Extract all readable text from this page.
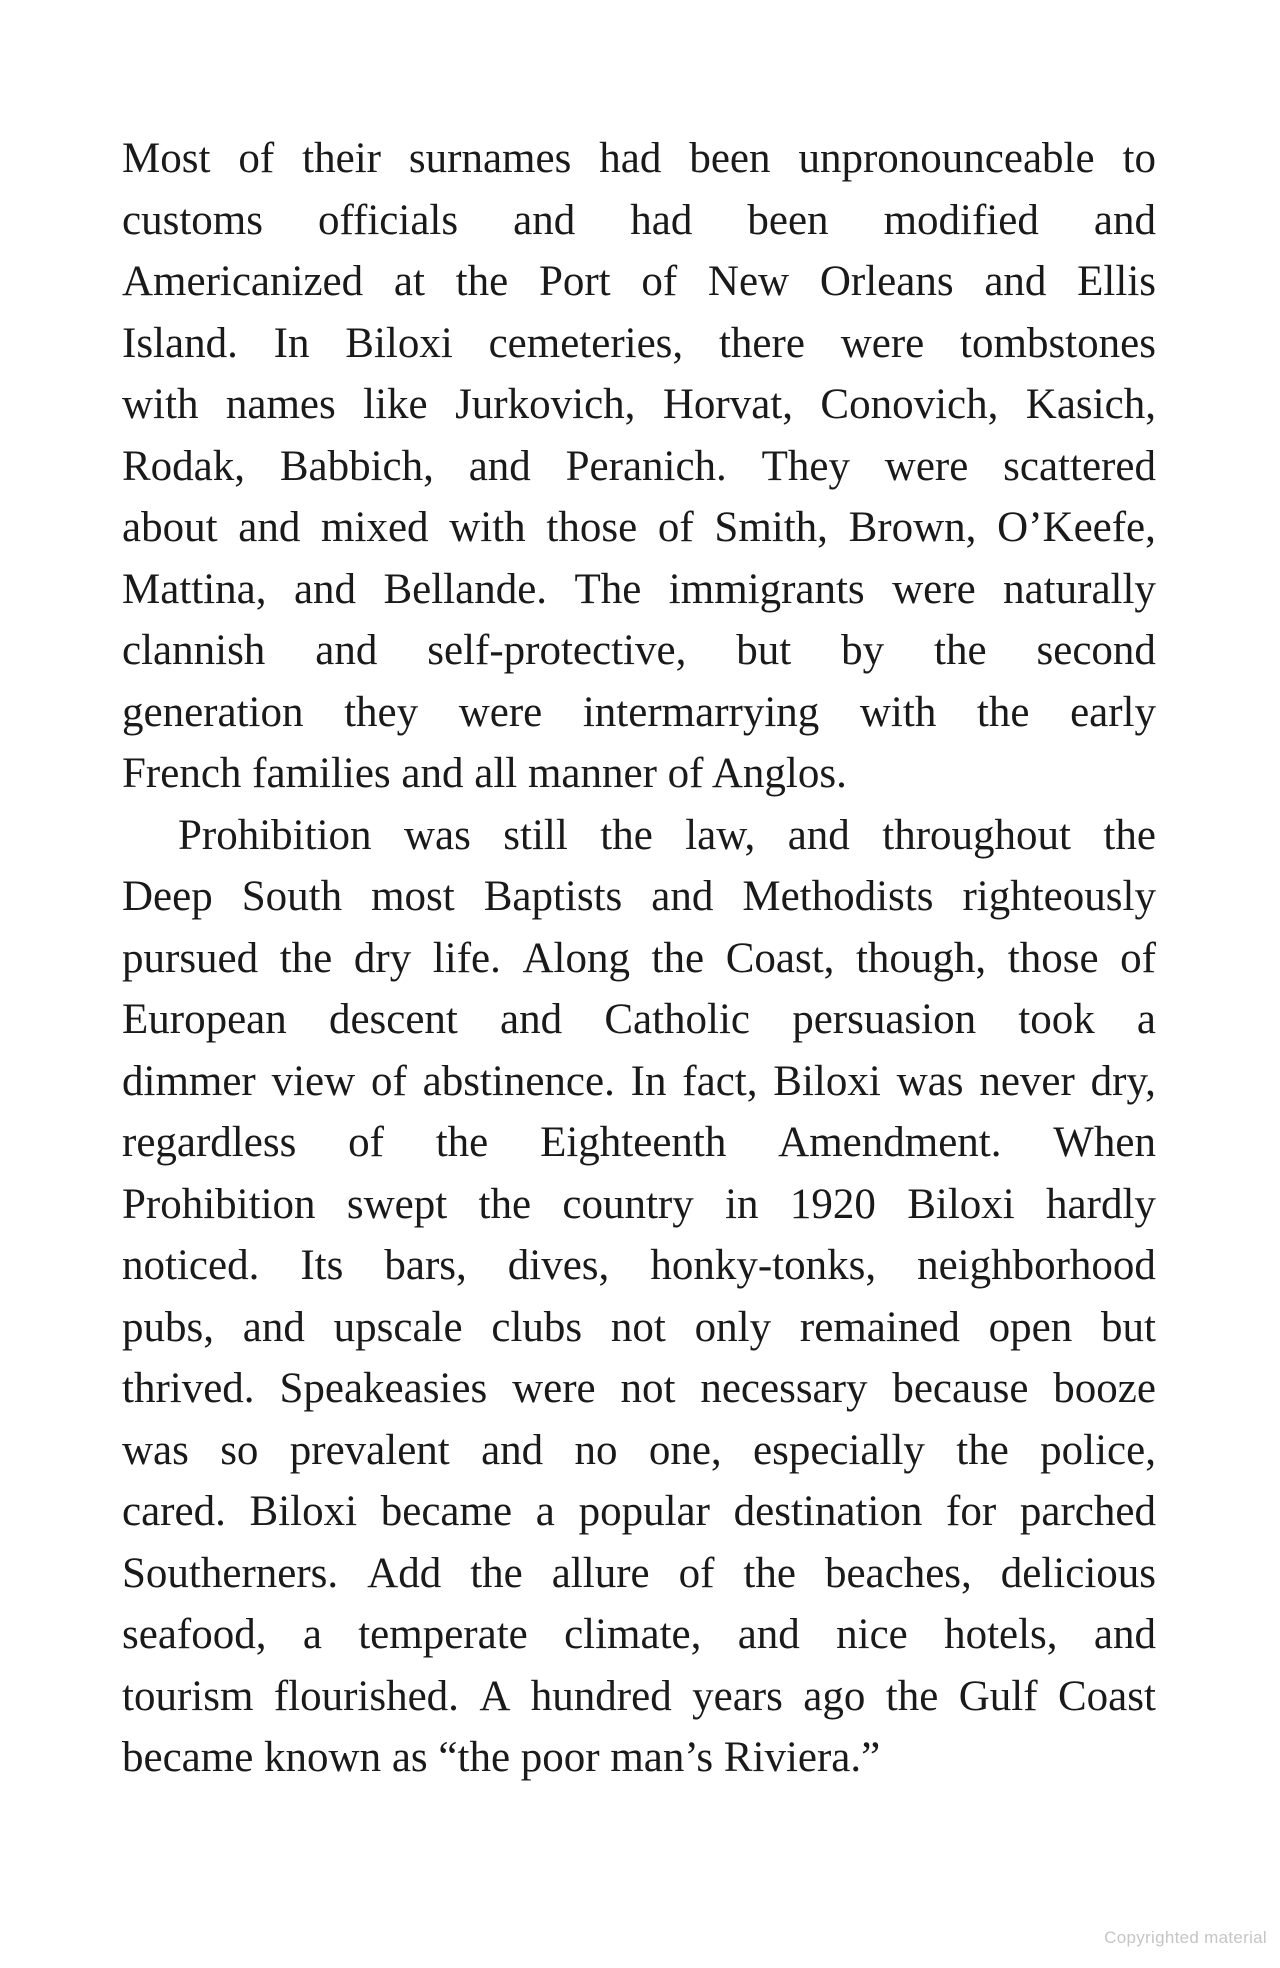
Most of their surnames had been unpronounceable to
customs officials and had been modified and
Americanized at the Port of New Orleans and Ellis
Island. In Biloxi cemeteries, there were tombstones
with names like Jurkovich, Horvat, Conovich, Kasich,
Rodak, Babbich, and Peranich. They were scattered
about and mixed with those of Smith, Brown, O’Keefe,
Mattina, and Bellande. The immigrants were naturally
clannish and self-protective, but by the second
generation they were intermarrying with the early
French families and all manner of Anglos.
Prohibition was still the law, and throughout the
Deep South most Baptists and Methodists righteously
pursued the dry life. Along the Coast, though, those of
European descent and Catholic persuasion took a
dimmer view of abstinence. In fact, Biloxi was never dry,
regardless of the Eighteenth Amendment. When
Prohibition swept the country in 1920 Biloxi hardly
noticed. Its bars, dives, honky-tonks, neighborhood
pubs, and upscale clubs not only remained open but
thrived. Speakeasies were not necessary because booze
was so prevalent and no one, especially the police,
cared. Biloxi became a popular destination for parched
Southerners. Add the allure of the beaches, delicious
seafood, a temperate climate, and nice hotels, and
tourism flourished. A hundred years ago the Gulf Coast
became known as “the poor man’s Riviera.”
Copyrighted material
